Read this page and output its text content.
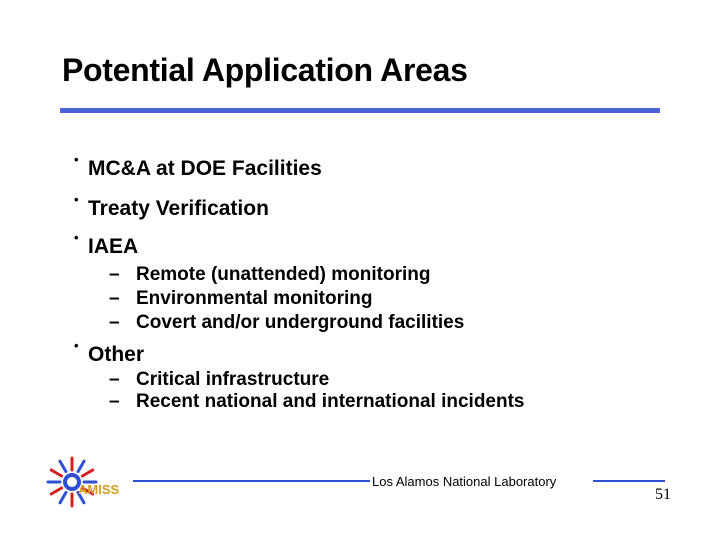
Potential Application Areas
• MC&A at DOE Facilities
• Treaty Verification
• IAEA
– Remote (unattended) monitoring
– Environmental monitoring
– Covert and/or underground facilities
• Other
– Critical infrastructure
– Recent national and international incidents
AMISS
Los Alamos National Laboratory
51
